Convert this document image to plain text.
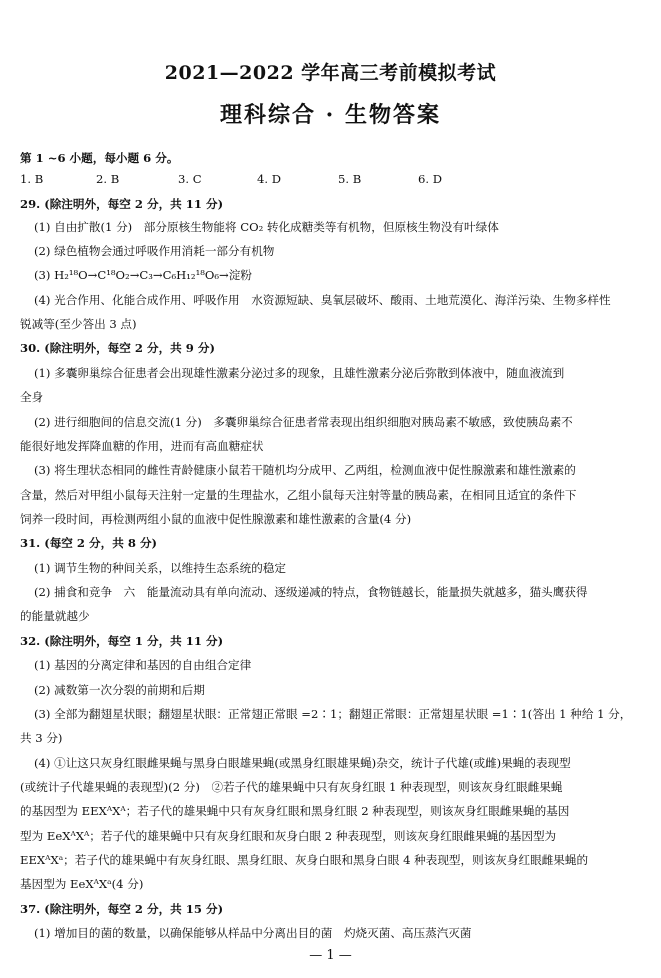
2021—2022 学年高三考前模拟考试
理科综合 · 生物答案
第 1 ~6 小题，每小题 6 分。
1. B	2. B	3. C	4. D	5. B	6. D
29. (除注明外，每空 2 分，共 11 分)
(1) 自由扩散(1 分)　部分原核生物能将 CO₂ 转化成糖类等有机物，但原核生物没有叶绿体
(2) 绿色植物会通过呼吸作用消耗一部分有机物
(3) H₂¹⁸O→C¹⁸O₂→C₃→C₆H₁₂¹⁸O₆→淀粉
(4) 光合作用、化能合成作用、呼吸作用　水资源短缺、臭氧层破坏、酸雨、土地荒漠化、海洋污染、生物多样性
锐减等(至少答出 3 点)
30. (除注明外，每空 2 分，共 9 分)
(1) 多囊卵巢综合征患者会出现雄性激素分泌过多的现象，且雄性激素分泌后弥散到体液中，随血液流到
全身
(2) 进行细胞间的信息交流(1 分)　多囊卵巢综合征患者常表现出组织细胞对胰岛素不敏感，致使胰岛素不
能很好地发挥降血糖的作用，进而有高血糖症状
(3) 将生理状态相同的雌性青龄健康小鼠若干随机均分成甲、乙两组，检测血液中促性腺激素和雄性激素的
含量，然后对甲组小鼠每天注射一定量的生理盐水，乙组小鼠每天注射等量的胰岛素，在相同且适宜的条件下
饲养一段时间，再检测两组小鼠的血液中促性腺激素和雄性激素的含量(4 分)
31. (每空 2 分，共 8 分)
(1) 调节生物的种间关系，以维持生态系统的稳定
(2) 捕食和竞争　六　能量流动具有单向流动、逐级递减的特点，食物链越长，能量损失就越多，猫头鹰获得
的能量就越少
32. (除注明外，每空 1 分，共 11 分)
(1) 基因的分离定律和基因的自由组合定律
(2) 减数第一次分裂的前期和后期
(3) 全部为翻翅星状眼；翻翅星状眼：正常翅正常眼 =2∶1；翻翅正常眼：正常翅星状眼 =1∶1(答出 1 种给 1 分，
共 3 分)
(4) ①让这只灰身红眼雌果蝇与黑身白眼雄果蝇(或黑身红眼雄果蝇)杂交，统计子代雄(或雌)果蝇的表现型
(或统计子代雄果蝇的表现型)(2 分)　②若子代的雄果蝇中只有灰身红眼 1 种表现型，则该灰身红眼雌果蝇
的基因型为 EEXᴬXᴬ；若子代的雄果蝇中只有灰身红眼和黑身红眼 2 种表现型，则该灰身红眼雌果蝇的基因
型为 EeXᴬXᴬ；若子代的雄果蝇中只有灰身红眼和灰身白眼 2 种表现型，则该灰身红眼雌果蝇的基因型为
EEXᴬXᵃ；若子代的雄果蝇中有灰身红眼、黑身红眼、灰身白眼和黑身白眼 4 种表现型，则该灰身红眼雌果蝇的
基因型为 EeXᴬXᵃ(4 分)
37. (除注明外，每空 2 分，共 15 分)
(1) 增加目的菌的数量，以确保能够从样品中分离出目的菌　灼烧灭菌、高压蒸汽灭菌
— 1 —
